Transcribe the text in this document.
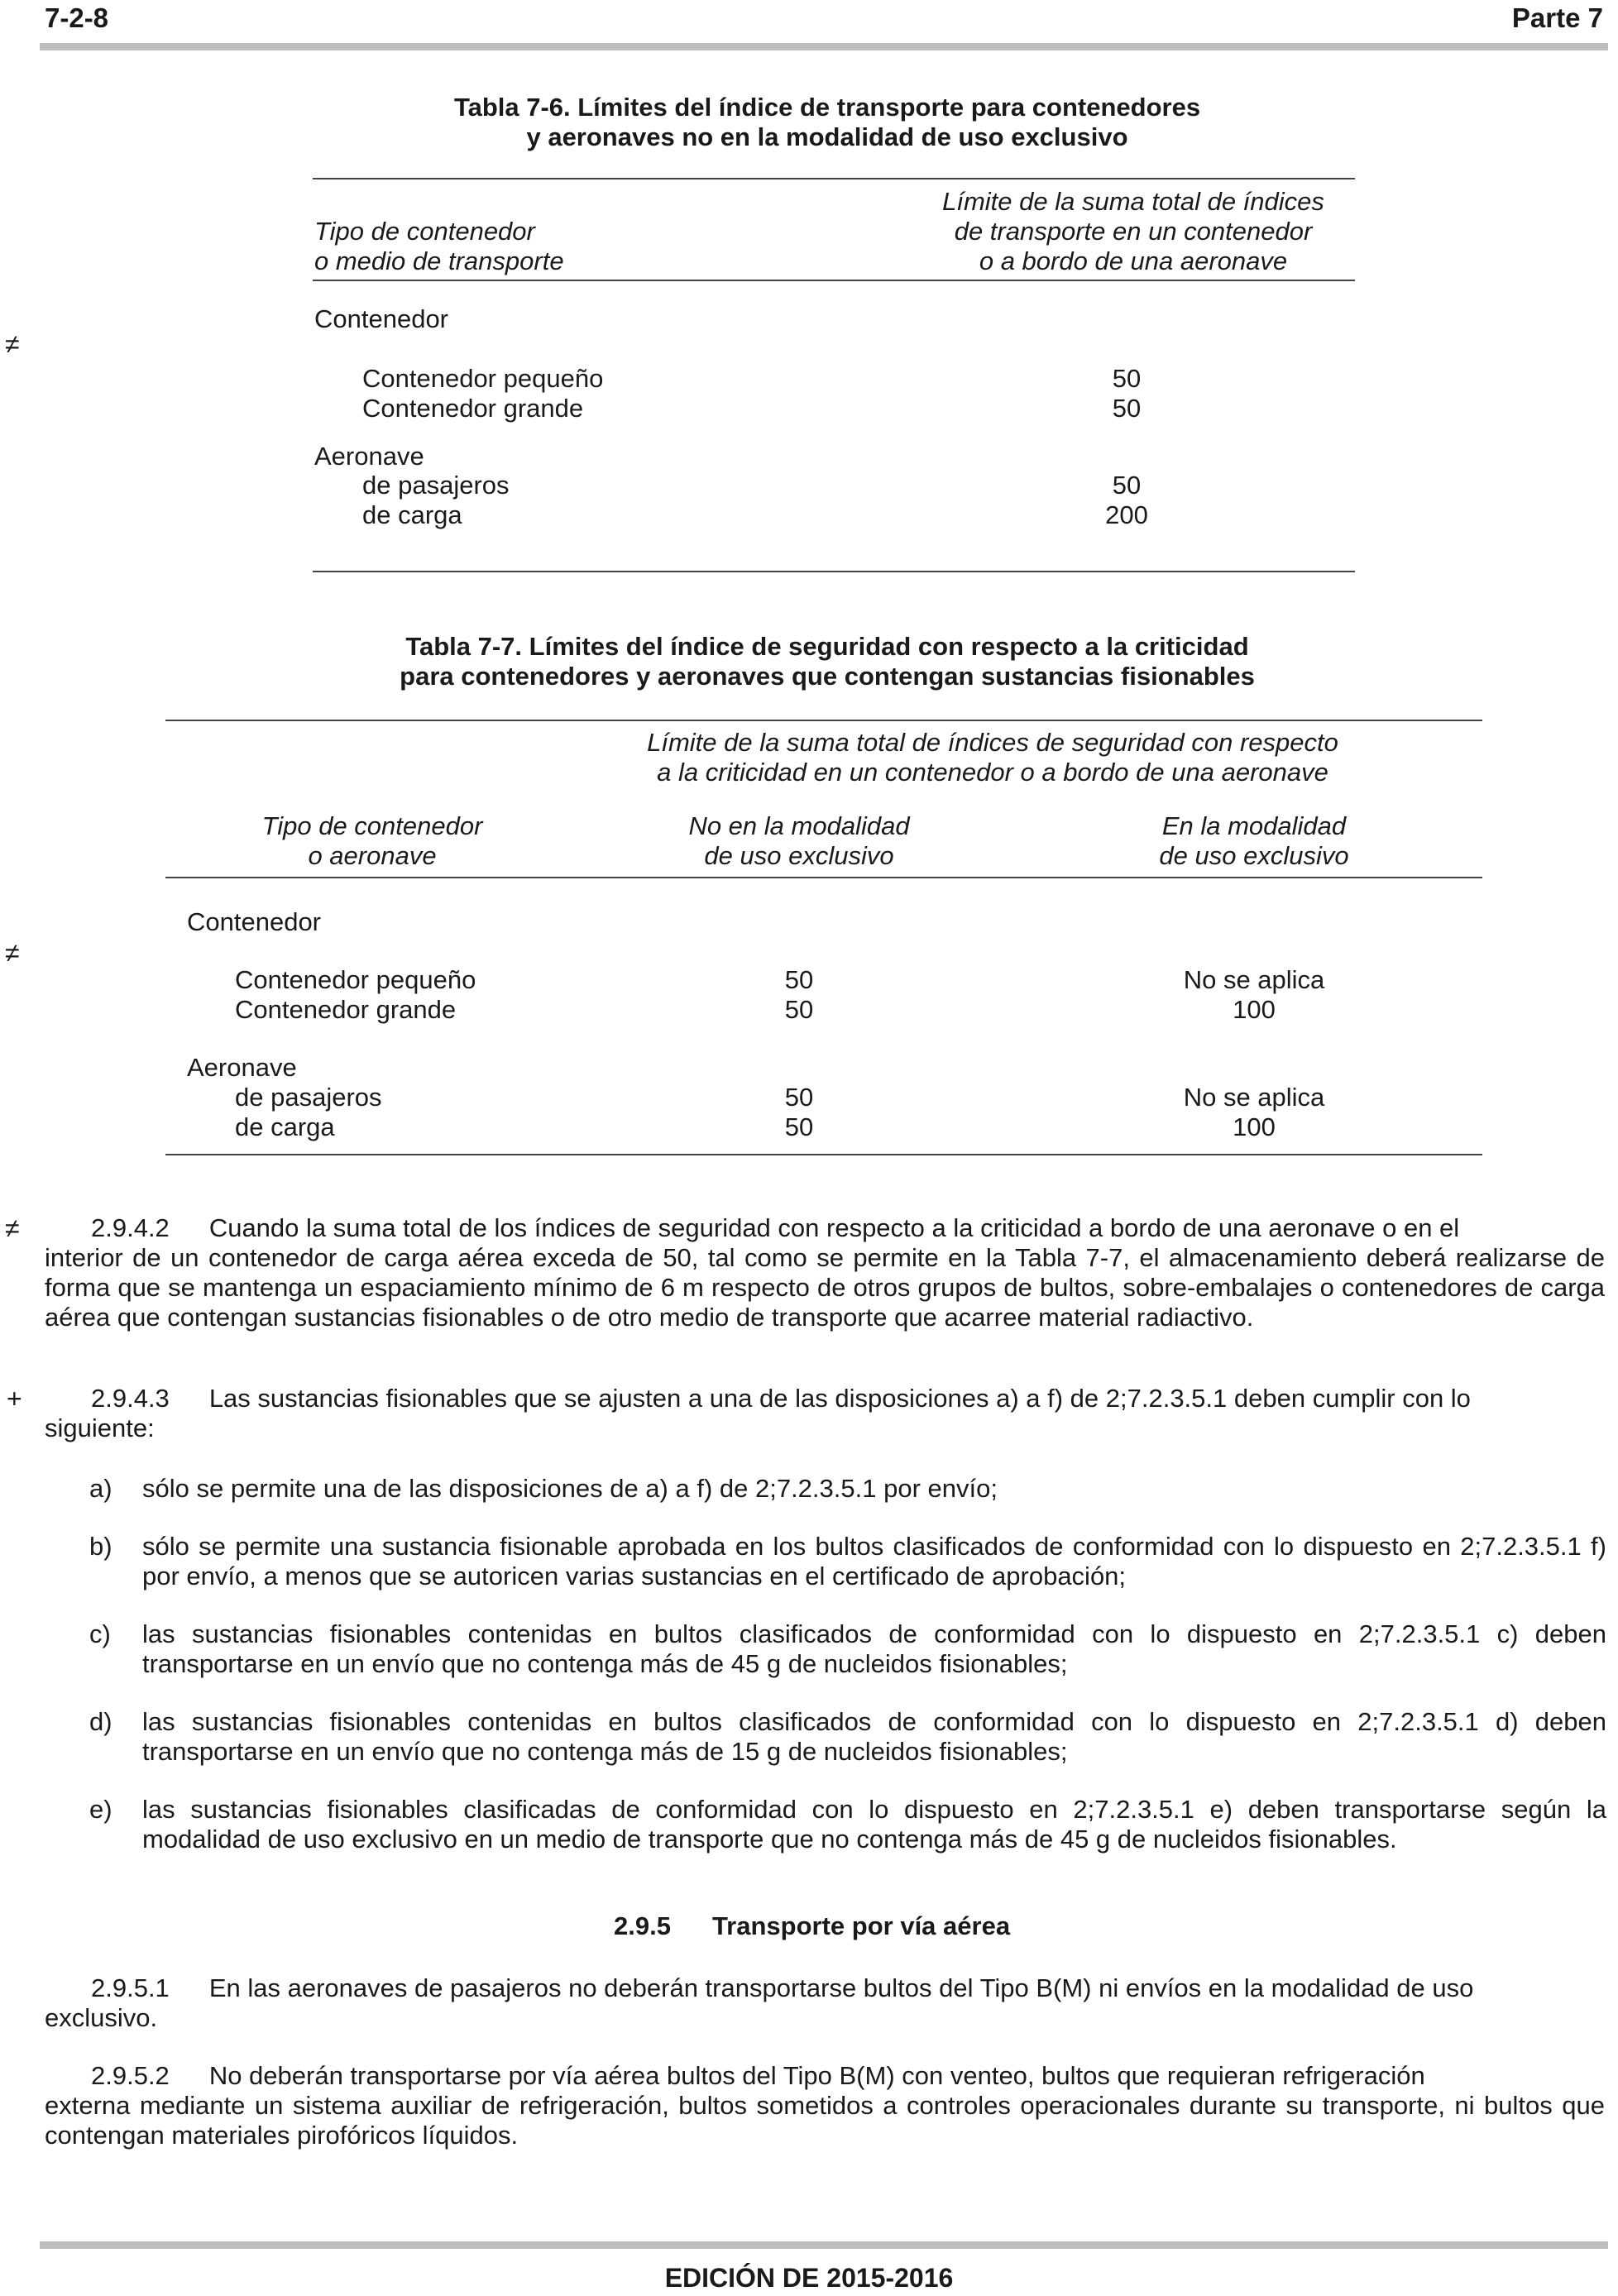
7-2-8	Parte 7
Tabla 7-6. Límites del índice de transporte para contenedores
y aeronaves no en la modalidad de uso exclusivo
Tipo de contenedor
o medio de transporte
Límite de la suma total de índices
de transporte en un contenedor
o a bordo de una aeronave
≠
Contenedor
Contenedor pequeño	50
Contenedor grande	50
Aeronave
de pasajeros	50
de carga	200
Tabla 7-7. Límites del índice de seguridad con respecto a la criticidad
para contenedores y aeronaves que contengan sustancias fisionables
Límite de la suma total de índices de seguridad con respecto
a la criticidad en un contenedor o a bordo de una aeronave
Tipo de contenedor
o aeronave
No en la modalidad
de uso exclusivo
En la modalidad
de uso exclusivo
≠
Contenedor
Contenedor pequeño	50	No se aplica
Contenedor grande	50	100
Aeronave
de pasajeros	50	No se aplica
de carga	50	100
≠	2.9.4.2 Cuando la suma total de los índices de seguridad con respecto a la criticidad a bordo de una aeronave o en el
interior de un contenedor de carga aérea exceda de 50, tal como se permite en la Tabla 7-7, el almacenamiento deberá realizarse de forma que se mantenga un espaciamiento mínimo de 6 m respecto de otros grupos de bultos, sobre-embalajes o contenedores de carga aérea que contengan sustancias fisionables o de otro medio de transporte que acarree material radiactivo.
+	2.9.4.3 Las sustancias fisionables que se ajusten a una de las disposiciones a) a f) de 2;7.2.3.5.1 deben cumplir con lo
siguiente:
a) sólo se permite una de las disposiciones de a) a f) de 2;7.2.3.5.1 por envío;
b) sólo se permite una sustancia fisionable aprobada en los bultos clasificados de conformidad con lo dispuesto en 2;7.2.3.5.1 f) por envío, a menos que se autoricen varias sustancias en el certificado de aprobación;
c) las sustancias fisionables contenidas en bultos clasificados de conformidad con lo dispuesto en 2;7.2.3.5.1 c) deben transportarse en un envío que no contenga más de 45 g de nucleidos fisionables;
d) las sustancias fisionables contenidas en bultos clasificados de conformidad con lo dispuesto en 2;7.2.3.5.1 d) deben transportarse en un envío que no contenga más de 15 g de nucleidos fisionables;
e) las sustancias fisionables clasificadas de conformidad con lo dispuesto en 2;7.2.3.5.1 e) deben transportarse según la modalidad de uso exclusivo en un medio de transporte que no contenga más de 45 g de nucleidos fisionables.
2.9.5 Transporte por vía aérea
2.9.5.1 En las aeronaves de pasajeros no deberán transportarse bultos del Tipo B(M) ni envíos en la modalidad de uso
exclusivo.
2.9.5.2 No deberán transportarse por vía aérea bultos del Tipo B(M) con venteo, bultos que requieran refrigeración
externa mediante un sistema auxiliar de refrigeración, bultos sometidos a controles operacionales durante su transporte, ni bultos que contengan materiales pirofóricos líquidos.
EDICIÓN DE 2015-2016
